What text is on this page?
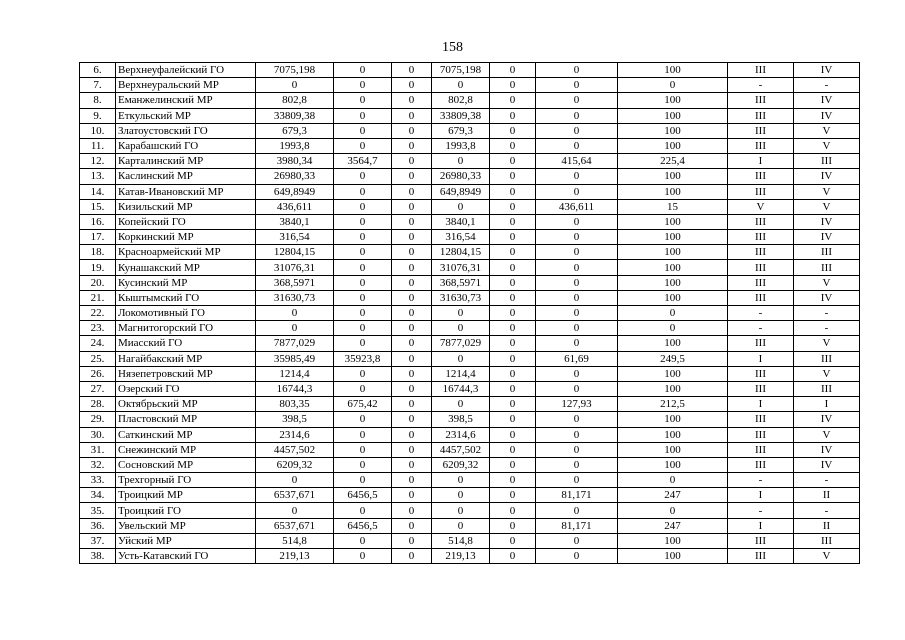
158
6.	Верхнеуфалейский ГО	7075,198	0	0	7075,198	0	0	100	III	IV
7.	Верхнеуральский МР	0	0	0	0	0	0	0	-	-
8.	Еманжелинский МР	802,8	0	0	802,8	0	0	100	III	IV
9.	Еткульский МР	33809,38	0	0	33809,38	0	0	100	III	IV
10.	Златоустовский ГО	679,3	0	0	679,3	0	0	100	III	V
11.	Карабашский ГО	1993,8	0	0	1993,8	0	0	100	III	V
12.	Карталинский МР	3980,34	3564,7	0	0	0	415,64	225,4	I	III
13.	Каслинский МР	26980,33	0	0	26980,33	0	0	100	III	IV
14.	Катав-Ивановский МР	649,8949	0	0	649,8949	0	0	100	III	V
15.	Кизильский МР	436,611	0	0	0	0	436,611	15	V	V
16.	Копейский ГО	3840,1	0	0	3840,1	0	0	100	III	IV
17.	Коркинский МР	316,54	0	0	316,54	0	0	100	III	IV
18.	Красноармейский МР	12804,15	0	0	12804,15	0	0	100	III	III
19.	Кунашакский МР	31076,31	0	0	31076,31	0	0	100	III	III
20.	Кусинский МР	368,5971	0	0	368,5971	0	0	100	III	V
21.	Кыштымский ГО	31630,73	0	0	31630,73	0	0	100	III	IV
22.	Локомотивный ГО	0	0	0	0	0	0	0	-	-
23.	Магнитогорский ГО	0	0	0	0	0	0	0	-	-
24.	Миасский ГО	7877,029	0	0	7877,029	0	0	100	III	V
25.	Нагайбакский МР	35985,49	35923,8	0	0	0	61,69	249,5	I	III
26.	Нязепетровский МР	1214,4	0	0	1214,4	0	0	100	III	V
27.	Озерский ГО	16744,3	0	0	16744,3	0	0	100	III	III
28.	Октябрьский МР	803,35	675,42	0	0	0	127,93	212,5	I	I
29.	Пластовский МР	398,5	0	0	398,5	0	0	100	III	IV
30.	Саткинский МР	2314,6	0	0	2314,6	0	0	100	III	V
31.	Снежинский МР	4457,502	0	0	4457,502	0	0	100	III	IV
32.	Сосновский МР	6209,32	0	0	6209,32	0	0	100	III	IV
33.	Трехгорный ГО	0	0	0	0	0	0	0	-	-
34.	Троицкий МР	6537,671	6456,5	0	0	0	81,171	247	I	II
35.	Троицкий ГО	0	0	0	0	0	0	0	-	-
36.	Увельский МР	6537,671	6456,5	0	0	0	81,171	247	I	II
37.	Уйский МР	514,8	0	0	514,8	0	0	100	III	III
38.	Усть-Катавский ГО	219,13	0	0	219,13	0	0	100	III	V
